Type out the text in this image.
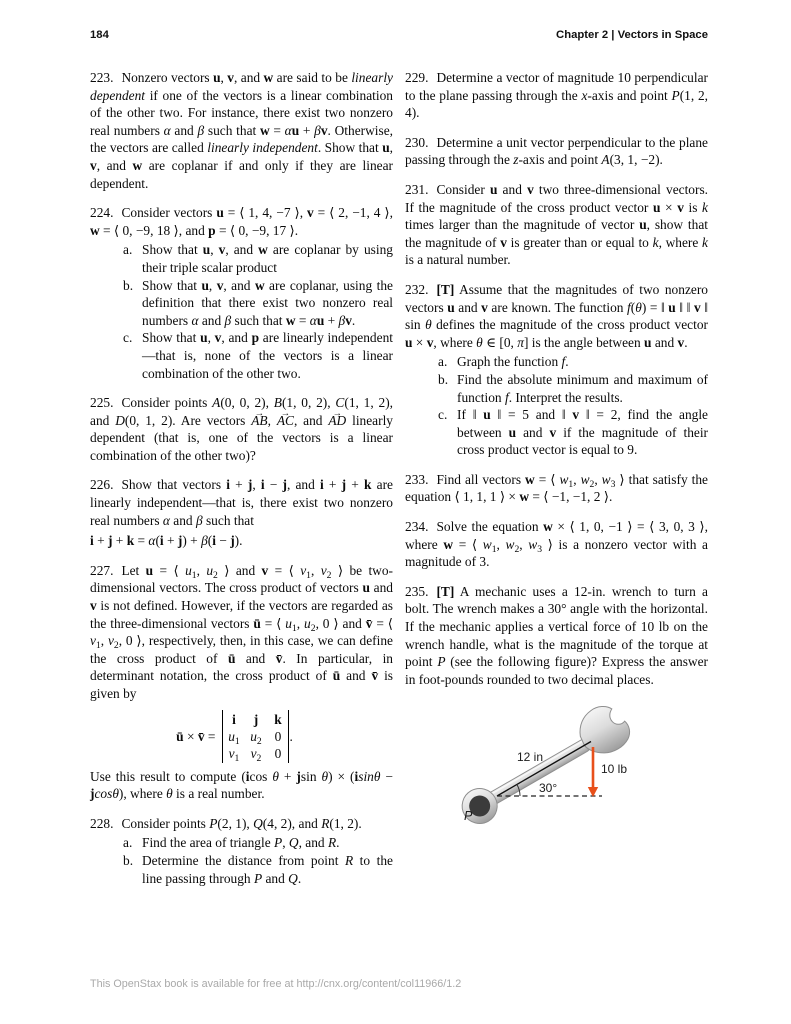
184	Chapter 2 | Vectors in Space

223. Nonzero vectors u, v, and w are said to be linearly dependent if one of the vectors is a linear combination of the other two. For instance, there exist two nonzero real numbers α and β such that w = αu + βv. Otherwise, the vectors are called linearly independent. Show that u, v, and w are coplanar if and only if they are linear dependent.

224. Consider vectors u = ⟨ 1, 4, −7 ⟩, v = ⟨ 2, −1, 4 ⟩, w = ⟨ 0, −9, 18 ⟩, and p = ⟨ 0, −9, 17 ⟩.

a. Show that u, v, and w are coplanar by using their triple scalar product
b. Show that u, v, and w are coplanar, using the definition that there exist two nonzero real numbers α and β such that w = αu + βv.
c. Show that u, v, and p are linearly independent—that is, none of the vectors is a linear combination of the other two.

225. Consider points A(0, 0, 2), B(1, 0, 2), C(1, 1, 2), and D(0, 1, 2). Are vectors → AB, → AC, and → AD linearly dependent (that is, one of the vectors is a linear combination of the other two)?

226. Show that vectors i + j, i − j, and i + j + k are linearly independent—that is, there exist two nonzero real numbers α and β such that

i + j + k = α(i + j) + β(i − j).

227. Let u = ⟨ $u_1$, $u_2$ ⟩ and v = ⟨ $v_1$, $v_2$ ⟩ be two-dimensional vectors. The cross product of vectors u and v is not defined. However, if the vectors are regarded as the three-dimensional vectors ū = ⟨ $u_1$, $u_2$, 0 ⟩ and v̄ = ⟨ $v_1$, $v_2$, 0 ⟩, respectively, then, in this case, we can define the cross product of ū and v̄. In particular, in determinant notation, the cross product of ū and v̄ is given by

ū × v̄ =
i	j	k
$u_1$ $u_2$ 0
$v_1$ $v_2$ 0
.

Use this result to compute (icos θ + jsin θ) × (isinθ − jcosθ), where θ is a real number.

228. Consider points P(2, 1), Q(4, 2), and R(1, 2).

a. Find the area of triangle P, Q, and R.
b. Determine the distance from point R to the line passing through P and Q.

229. Determine a vector of magnitude 10 perpendicular to the plane passing through the x-axis and point P(1, 2, 4).

230. Determine a unit vector perpendicular to the plane passing through the z-axis and point A(3, 1, −2).

231. Consider u and v two three-dimensional vectors. If the magnitude of the cross product vector u × v is k times larger than the magnitude of vector u, show that the magnitude of v is greater than or equal to k, where k is a natural number.

232. [T] Assume that the magnitudes of two nonzero vectors u and v are known. The function f(θ) = ‖ u ‖ ‖ v ‖ sin θ defines the magnitude of the cross product vector u × v, where θ ∈ [0, π] is the angle between u and v.

a. Graph the function f.
b. Find the absolute minimum and maximum of function f. Interpret the results.
c. If ‖ u ‖ = 5 and ‖ v ‖ = 2, find the angle between u and v if the magnitude of their cross product vector is equal to 9.

233. Find all vectors w = ⟨ $w_1$, $w_2$, $w_3$ ⟩ that satisfy the equation ⟨ 1, 1, 1 ⟩ × w = ⟨ −1, −1, 2 ⟩.

234. Solve the equation w × ⟨ 1, 0, −1 ⟩ = ⟨ 3, 0, 3 ⟩, where w = ⟨ $w_1$, $w_2$, $w_3$ ⟩ is a nonzero vector with a magnitude of 3.

235. [T] A mechanic uses a 12-in. wrench to turn a bolt. The wrench makes a 30° angle with the horizontal. If the mechanic applies a vertical force of 10 lb on the wrench handle, what is the magnitude of the torque at point P (see the following figure)? Express the answer in foot-pounds rounded to two decimal places.

12 in
30°
10 lb
P
This OpenStax book is available for free at http://cnx.org/content/col11966/1.2
